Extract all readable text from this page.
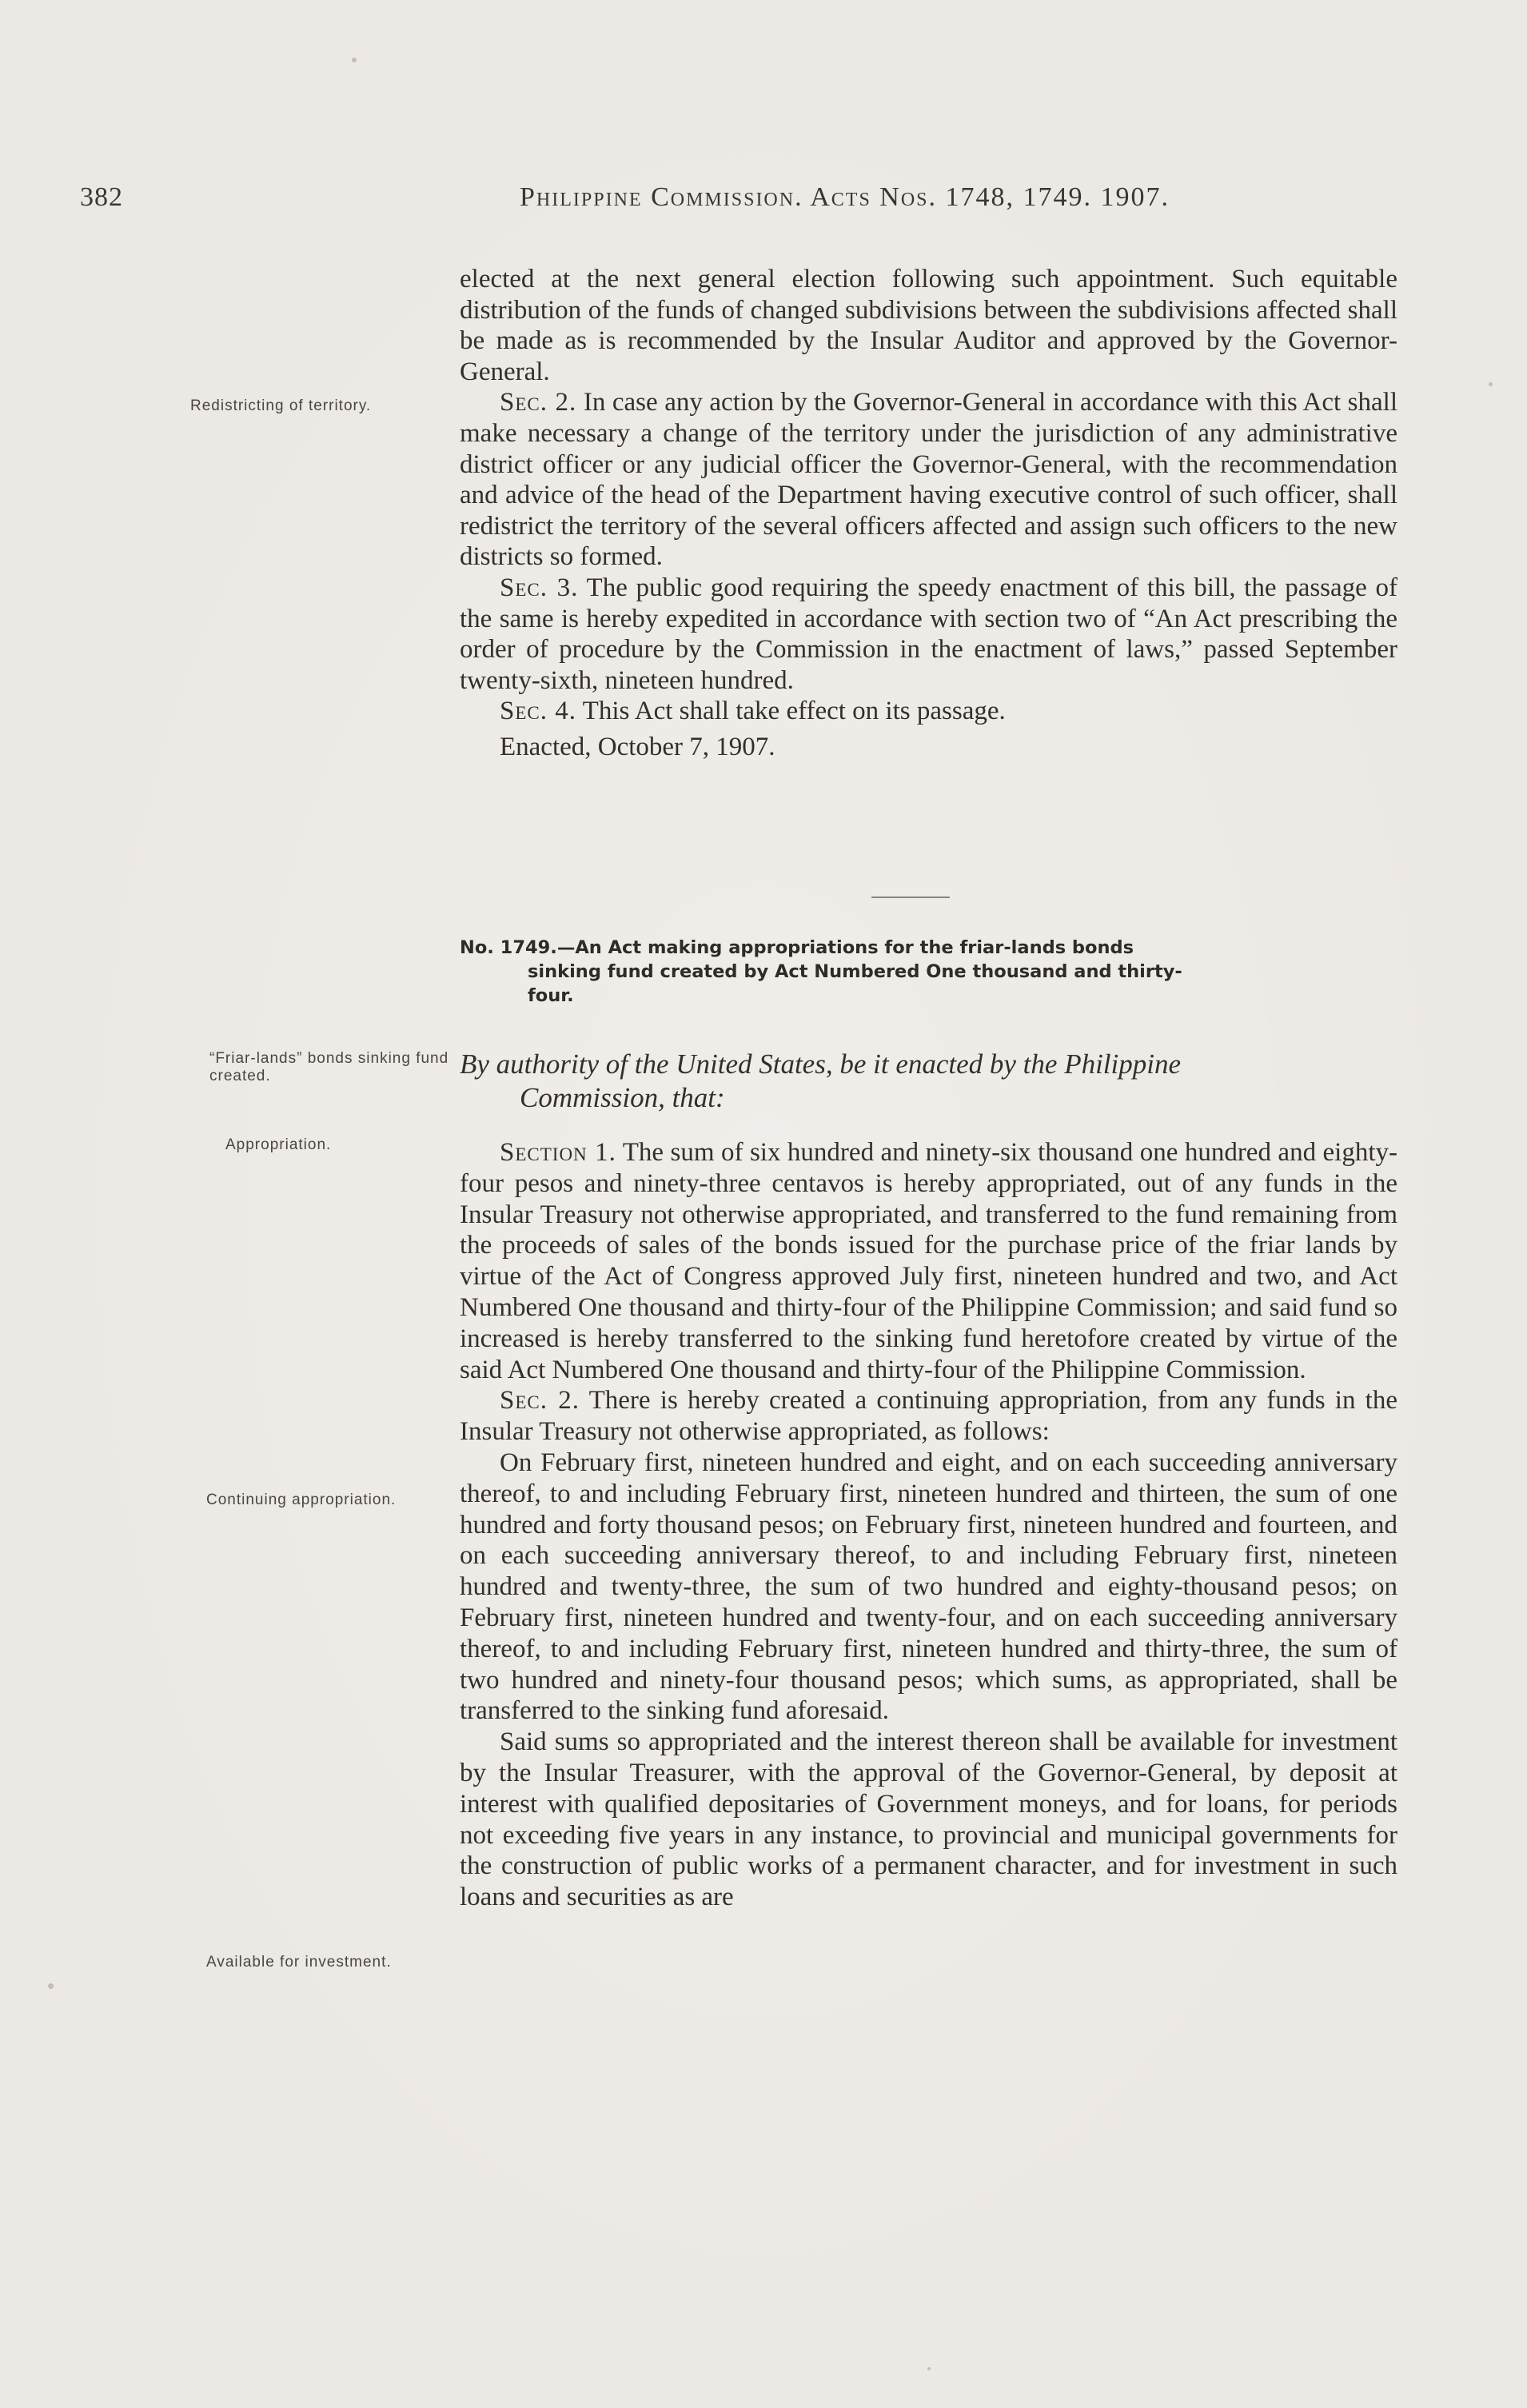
382	Philippine Commission. Acts Nos. 1748, 1749. 1907.

elected at the next general election following such appointment. Such equitable distribution of the funds of changed subdivisions between the subdivisions affected shall be made as is recommended by the Insular Auditor and approved by the Governor-General.

Sec. 2. In case any action by the Governor-General in accordance with this Act shall make necessary a change of the territory under the jurisdiction of any administrative district officer or any judicial officer the Governor-General, with the recommendation and advice of the head of the Department having executive control of such officer, shall redistrict the territory of the several officers affected and assign such officers to the new districts so formed.

Sec. 3. The public good requiring the speedy enactment of this bill, the passage of the same is hereby expedited in accordance with section two of “An Act prescribing the order of procedure by the Commission in the enactment of laws,” passed September twenty-sixth, nineteen hundred.

Sec. 4. This Act shall take effect on its passage.

Enacted, October 7, 1907.

Redistricting of territory.
No. 1749.—An Act making appropriations for the friar-lands bonds
sinking fund created by Act Numbered One thousand and thirty-
four.
By authority of the United States, be it enacted by the Philippine
Commission, that:
“Friar-lands” bonds sinking fund created.

Section 1. The sum of six hundred and ninety-six thousand one hundred and eighty-four pesos and ninety-three centavos is hereby appropriated, out of any funds in the Insular Treasury not otherwise appropriated, and transferred to the fund remaining from the proceeds of sales of the bonds issued for the purchase price of the friar lands by virtue of the Act of Congress approved July first, nineteen hundred and two, and Act Numbered One thousand and thirty-four of the Philippine Commission; and said fund so increased is hereby transferred to the sinking fund heretofore created by virtue of the said Act Numbered One thousand and thirty-four of the Philippine Commission.

Sec. 2. There is hereby created a continuing appropriation, from any funds in the Insular Treasury not otherwise appropriated, as follows:

On February first, nineteen hundred and eight, and on each succeeding anniversary thereof, to and including February first, nineteen hundred and thirteen, the sum of one hundred and forty thousand pesos; on February first, nineteen hundred and fourteen, and on each succeeding anniversary thereof, to and including February first, nineteen hundred and twenty-three, the sum of two hundred and eighty-thousand pesos; on February first, nineteen hundred and twenty-four, and on each succeeding anniversary thereof, to and including February first, nineteen hundred and thirty-three, the sum of two hundred and ninety-four thousand pesos; which sums, as appropriated, shall be transferred to the sinking fund aforesaid.

Said sums so appropriated and the interest thereon shall be available for investment by the Insular Treasurer, with the approval of the Governor-General, by deposit at interest with qualified depositaries of Government moneys, and for loans, for periods not exceeding five years in any instance, to provincial and municipal governments for the construction of public works of a permanent character, and for investment in such loans and securities as are

Appropriation.
Continuing appropriation.
Available for investment.
